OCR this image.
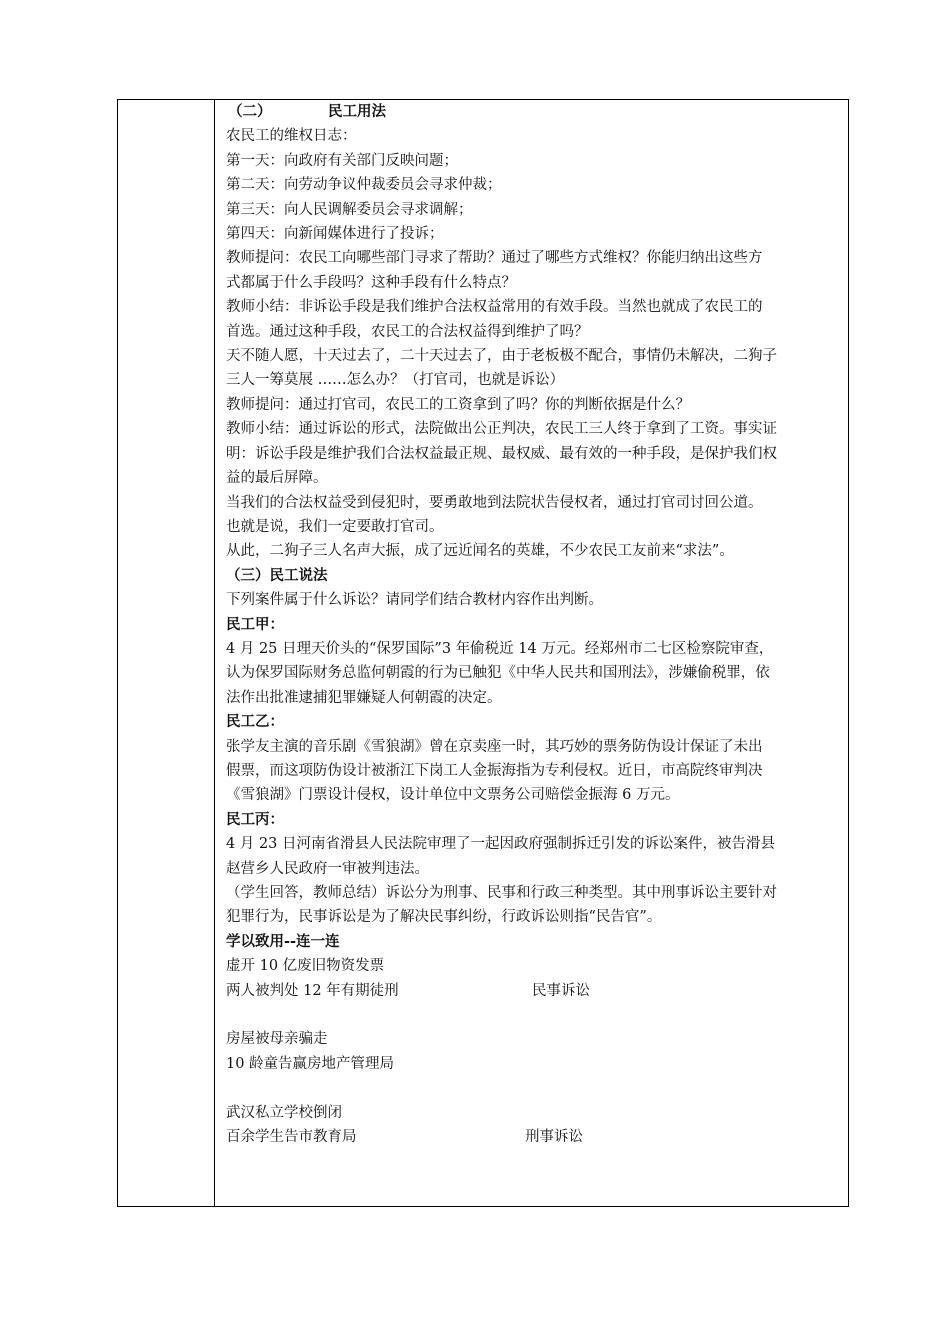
（二）	民工用法

农民工的维权日志：

第一天：向政府有关部门反映问题；

第二天：向劳动争议仲裁委员会寻求仲裁；

第三天：向人民调解委员会寻求调解；

第四天：向新闻媒体进行了投诉；

教师提问：农民工向哪些部门寻求了帮助？通过了哪些方式维权？你能归纳出这些方

式都属于什么手段吗？这种手段有什么特点？

教师小结：非诉讼手段是我们维护合法权益常用的有效手段。当然也就成了农民工的

首选。通过这种手段，农民工的合法权益得到维护了吗？

天不随人愿，十天过去了，二十天过去了，由于老板极不配合，事情仍未解决，二狗子

三人一筹莫展 ……怎么办？（打官司，也就是诉讼）

教师提问：通过打官司，农民工的工资拿到了吗？你的判断依据是什么？

教师小结：通过诉讼的形式，法院做出公正判决，农民工三人终于拿到了工资。事实证

明：诉讼手段是维护我们合法权益最正规、最权威、最有效的一种手段，是保护我们权

益的最后屏障。

当我们的合法权益受到侵犯时，要勇敢地到法院状告侵权者，通过打官司讨回公道。

也就是说，我们一定要敢打官司。

从此，二狗子三人名声大振，成了远近闻名的英雄，不少农民工友前来“求法”。

（三）民工说法

下列案件属于什么诉讼？请同学们结合教材内容作出判断。

民工甲：

4 月 25 日理天价头的“保罗国际”3 年偷税近 14 万元。经郑州市二七区检察院审查，

认为保罗国际财务总监何朝霞的行为已触犯《中华人民共和国刑法》，涉嫌偷税罪，依

法作出批准逮捕犯罪嫌疑人何朝霞的决定。

民工乙：

张学友主演的音乐剧《雪狼湖》曾在京卖座一时，其巧妙的票务防伪设计保证了未出

假票，而这项防伪设计被浙江下岗工人金振海指为专利侵权。近日，市高院终审判决

《雪狼湖》门票设计侵权，设计单位中文票务公司赔偿金振海 6 万元。

民工丙：

4 月 23 日河南省滑县人民法院审理了一起因政府强制拆迁引发的诉讼案件，被告滑县

赵营乡人民政府一审被判违法。

（学生回答，教师总结）诉讼分为刑事、民事和行政三种类型。其中刑事诉讼主要针对

犯罪行为，民事诉讼是为了解决民事纠纷，行政诉讼则指“民告官”。

学以致用--连一连

虚开 10 亿废旧物资发票

两人被判处 12 年有期徒刑	民事诉讼

房屋被母亲骗走

10 龄童告赢房地产管理局

武汉私立学校倒闭

百余学生告市教育局	刑事诉讼
